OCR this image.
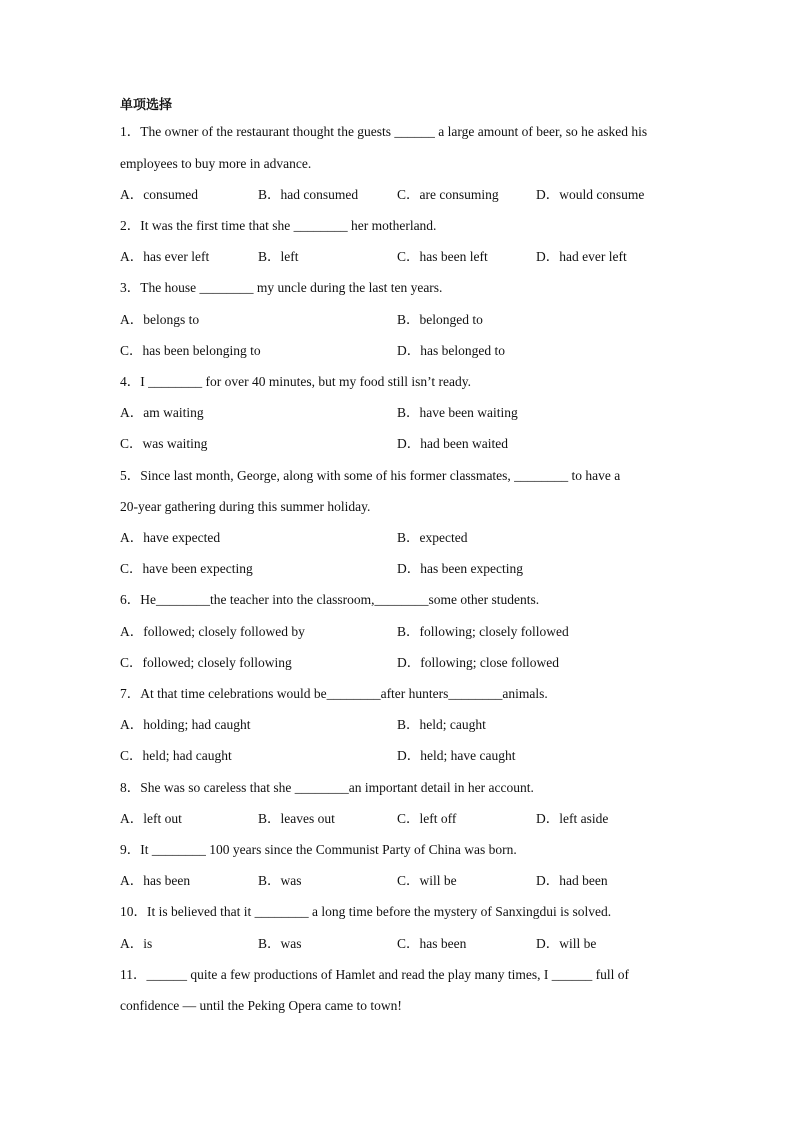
单项选择
1．The owner of the restaurant thought the guests ______ a large amount of beer, so he asked his
employees to buy more in advance.
A．consumed	B．had consumed	C．are consuming	D．would consume
2．It was the first time that she ________ her motherland.
A．has ever left	B．left	C．has been left	D．had ever left
3．The house ________ my uncle during the last ten years.
A．belongs to	B．belonged to
C．has been belonging to	D．has belonged to
4．I ________ for over 40 minutes, but my food still isn’t ready.
A．am waiting	B．have been waiting
C．was waiting	D．had been waited
5．Since last month, George, along with some of his former classmates, ________ to have a
20-year gathering during this summer holiday.
A．have expected	B．expected
C．have been expecting	D．has been expecting
6．He________the teacher into the classroom,________some other students.
A．followed; closely followed by	B．following; closely followed
C．followed; closely following	D．following; close followed
7．At that time celebrations would be________after hunters________animals.
A．holding; had caught	B．held; caught
C．held; had caught	D．held; have caught
8．She was so careless that she ________an important detail in her account.
A．left out	B．leaves out	C．left off	D．left aside
9．It ________ 100 years since the Communist Party of China was born.
A．has been	B．was	C．will be	D．had been
10．It is believed that it ________ a long time before the mystery of Sanxingdui is solved.
A．is	B．was	C．has been	D．will be
11．______ quite a few productions of Hamlet and read the play many times, I ______ full of
confidence — until the Peking Opera came to town!
